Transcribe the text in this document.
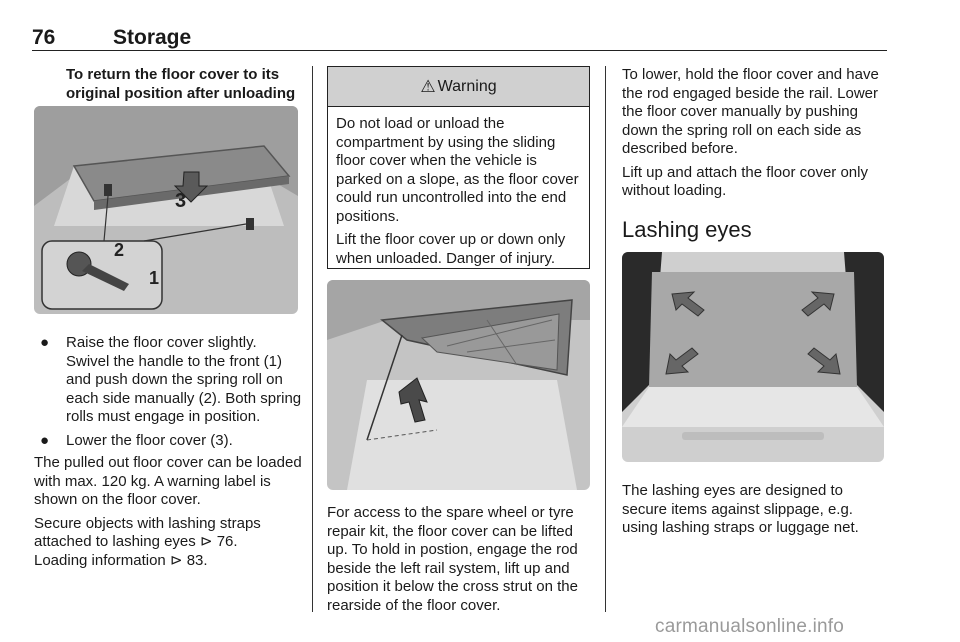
76	Storage

To return the floor cover to its original position after unloading

3
2
1
●	Raise the floor cover slightly. Swivel the handle to the front (1) and push down the spring roll on each side manually (2). Both spring rolls must engage in position.
●	Lower the floor cover (3).

The pulled out floor cover can be loaded with max. 120 kg. A warning label is shown on the floor cover.

Secure objects with lashing straps attached to lashing eyes ⊳ 76.
Loading information ⊳ 83.

⚠ Warning

Do not load or unload the compartment by using the sliding floor cover when the vehicle is parked on a slope, as the floor cover could run uncontrolled into the end positions.

Lift the floor cover up or down only when unloaded. Danger of injury.

For access to the spare wheel or tyre repair kit, the floor cover can be lifted up. To hold in postion, engage the rod beside the left rail system, lift up and position it below the cross strut on the rearside of the floor cover.

To lower, hold the floor cover and have the rod engaged beside the rail. Lower the floor cover manually by pushing down the spring roll on each side as described before.

Lift up and attach the floor cover only without loading.

Lashing eyes

The lashing eyes are designed to secure items against slippage, e.g. using lashing straps or luggage net.

carmanualsonline.info
